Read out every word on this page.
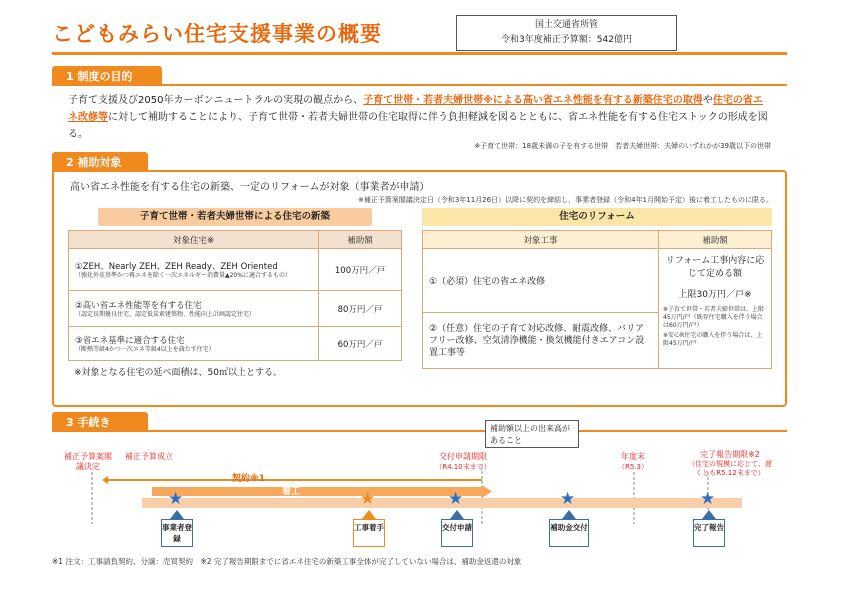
こどもみらい住宅支援事業の概要	国土交通省所管
令和3年度補正予算額：542億円
1 制度の目的

子育て支援及び2050年カーボンニュートラルの実現の観点から、子育て世帯・若者夫婦世帯※による高い省エネ性能を有する新築住宅の取得や住宅の省エネ改修等に対して補助することにより、子育て世帯・若者夫婦世帯の住宅取得に伴う負担軽減を図るとともに、省エネ性能を有する住宅ストックの形成を図る。

※子育て世帯：18歳未満の子を有する世帯　若者夫婦世帯：夫婦のいずれかが39歳以下の世帯
2 補助対象
高い省エネ性能を有する住宅の新築、一定のリフォームが対象（事業者が申請）
※補正予算案閣議決定日（令和3年11月26日）以降に契約を締結し、事業者登録（令和4年1月開始予定）後に着工したものに限る。
子育て世帯・若者夫婦世帯による住宅の新築
対象住宅※	補助額
①ZEH、Nearly ZEH、ZEH Ready、ZEH Oriented
（強化外皮基準かつ再エネを除く一次エネルギー消費量▲20%に適合するもの）	100万円／戸
②高い省エネ性能等を有する住宅
（認定長期優良住宅、認定低炭素建築物、性能向上計画認定住宅）	80万円／戸
③省エネ基準に適合する住宅
（断熱等級4かつ一次エネ等級4以上を満たす住宅）	60万円／戸
※対象となる住宅の延べ面積は、50㎡以上とする。
住宅のリフォーム
対象工事	補助額
①（必須）住宅の省エネ改修	リフォーム工事内容に応じて定める額
上限30万円／戸※
※子育て世帯・若者夫婦世帯は、上限45万円/戸（既存住宅購入を伴う場合は60万円/戸）
※安心R住宅の購入を伴う場合は、上限45万円/戸

②（任意）住宅の子育て対応改修、耐震改修、バリアフリー改修、空気清浄機能・換気機能付きエアコン設置工事等	
3 手続き	補助額以上の出来高があること
補正予算案閣議決定
補正予算成立	交付申請期限
（R4.10末まで）
年度末
（R5.3）
完了報告期限※2
（住宅の規模に応じて、遅くともR5.12末まで）
契約※1
着工
★	★	★	★	★
事業者登録
工事着手	交付申請	補助金交付	完了報告
※1 注文：工事請負契約、分譲：売買契約　※2 完了報告期限までに省エネ住宅の新築工事全体が完了していない場合は、補助金返還の対象
